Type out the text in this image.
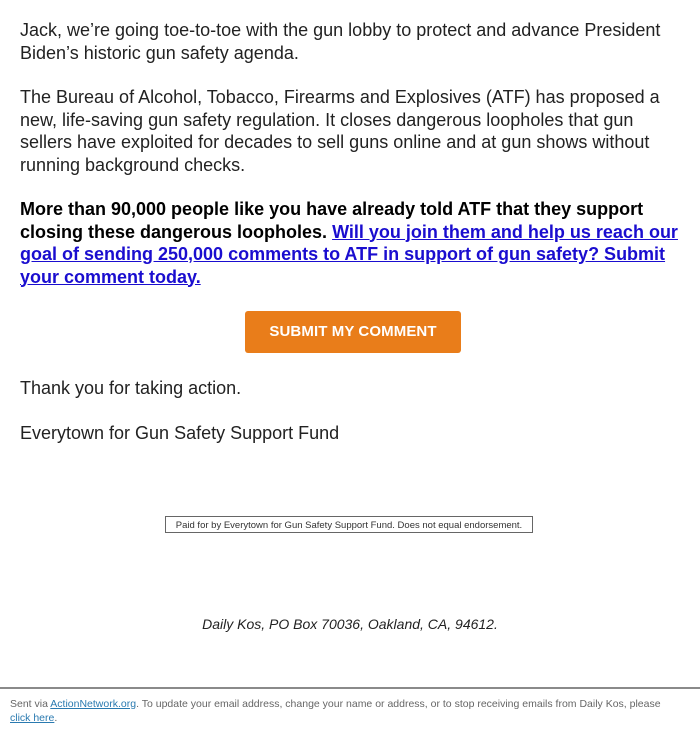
Jack, we’re going toe-to-toe with the gun lobby to protect and advance President Biden’s historic gun safety agenda.

The Bureau of Alcohol, Tobacco, Firearms and Explosives (ATF) has proposed a new, life-saving gun safety regulation. It closes dangerous loopholes that gun sellers have exploited for decades to sell guns online and at gun shows without running background checks.

More than 90,000 people like you have already told ATF that they support closing these dangerous loopholes. Will you join them and help us reach our goal of sending 250,000 comments to ATF in support of gun safety? Submit your comment today.

SUBMIT MY COMMENT

Thank you for taking action.

Everytown for Gun Safety Support Fund

Paid for by Everytown for Gun Safety Support Fund. Does not equal endorsement.
Daily Kos, PO Box 70036, Oakland, CA, 94612.
Sent via ActionNetwork.org. To update your email address, change your name or address, or to stop receiving emails from Daily Kos, please click here.
